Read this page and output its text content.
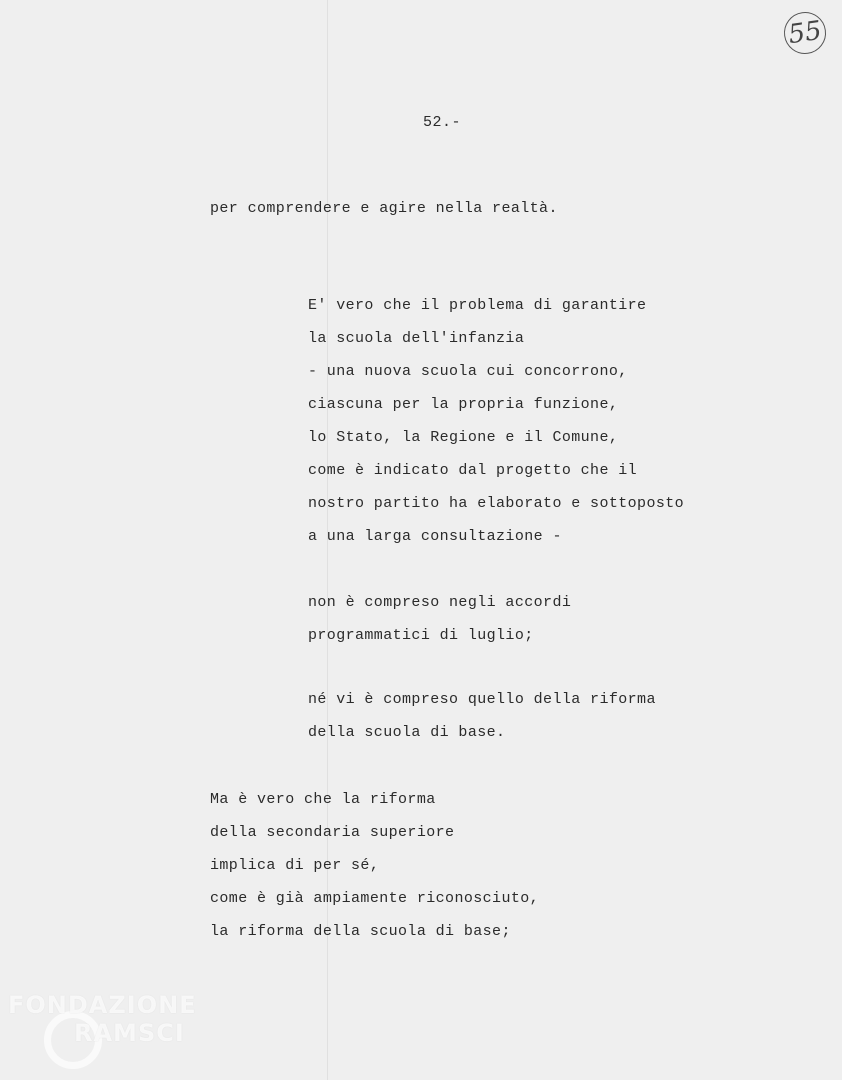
55
52.-
per comprendere e agire nella realtà.
E' vero che il problema di garantire
la scuola dell'infanzia
- una nuova scuola cui concorrono,
ciascuna per la propria funzione,
lo Stato, la Regione e il Comune,
come è indicato dal progetto che il
nostro partito ha elaborato e sottoposto
a una larga consultazione -
non è compreso negli accordi
programmatici di luglio;
né vi è compreso quello della riforma
della scuola di base.
Ma è vero che la riforma
della secondaria superiore
implica di per sé,
come è già ampiamente riconosciuto,
la riforma della scuola di base;
FONDAZIONE
RAMSCI
